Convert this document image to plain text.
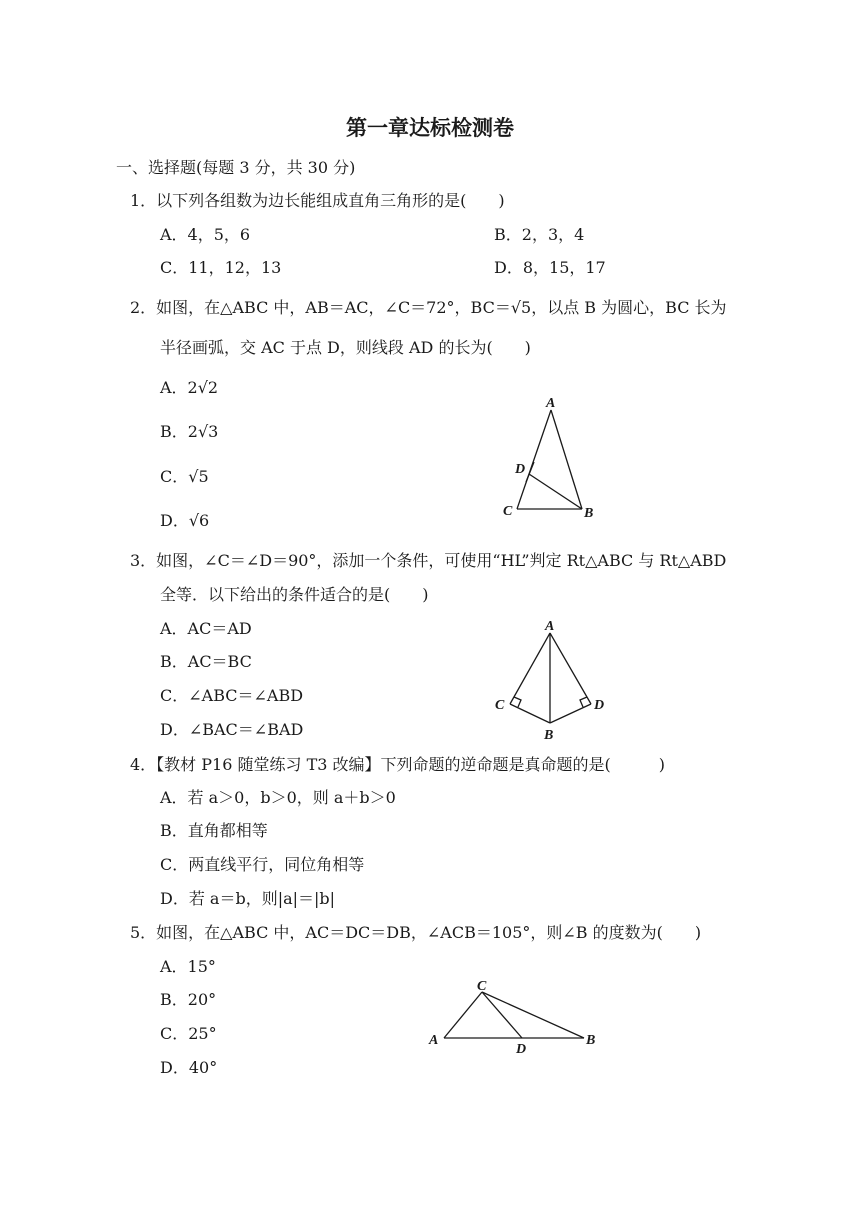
第一章达标检测卷
一、选择题(每题 3 分，共 30 分)
1．以下列各组数为边长能组成直角三角形的是(　　)
A．4，5，6	B．2，3，4
C．11，12，13	D．8，15，17
2．如图，在△ABC 中，AB＝AC，∠C＝72°，BC＝√5，以点 B 为圆心，BC 长为
半径画弧，交 AC 于点 D，则线段 AD 的长为(　　)
A．2√2
B．2√3
C．√5
D．√6
A
D
C	B
3．如图，∠C＝∠D＝90°，添加一个条件，可使用“HL”判定 Rt△ABC 与 Rt△ABD
全等．以下给出的条件适合的是(　　)
A．AC＝AD
B．AC＝BC
C．∠ABC＝∠ABD
D．∠BAC＝∠BAD
A
C	D
B
4．【教材 P16 随堂练习 T3 改编】下列命题的逆命题是真命题的是(　　　)
A．若 a＞0，b＞0，则 a＋b＞0
B．直角都相等
C．两直线平行，同位角相等
D．若 a＝b，则|a|＝|b|
5．如图，在△ABC 中，AC＝DC＝DB，∠ACB＝105°，则∠B 的度数为(　　)
A．15°
B．20°
C．25°
D．40°
C
A
D
B
